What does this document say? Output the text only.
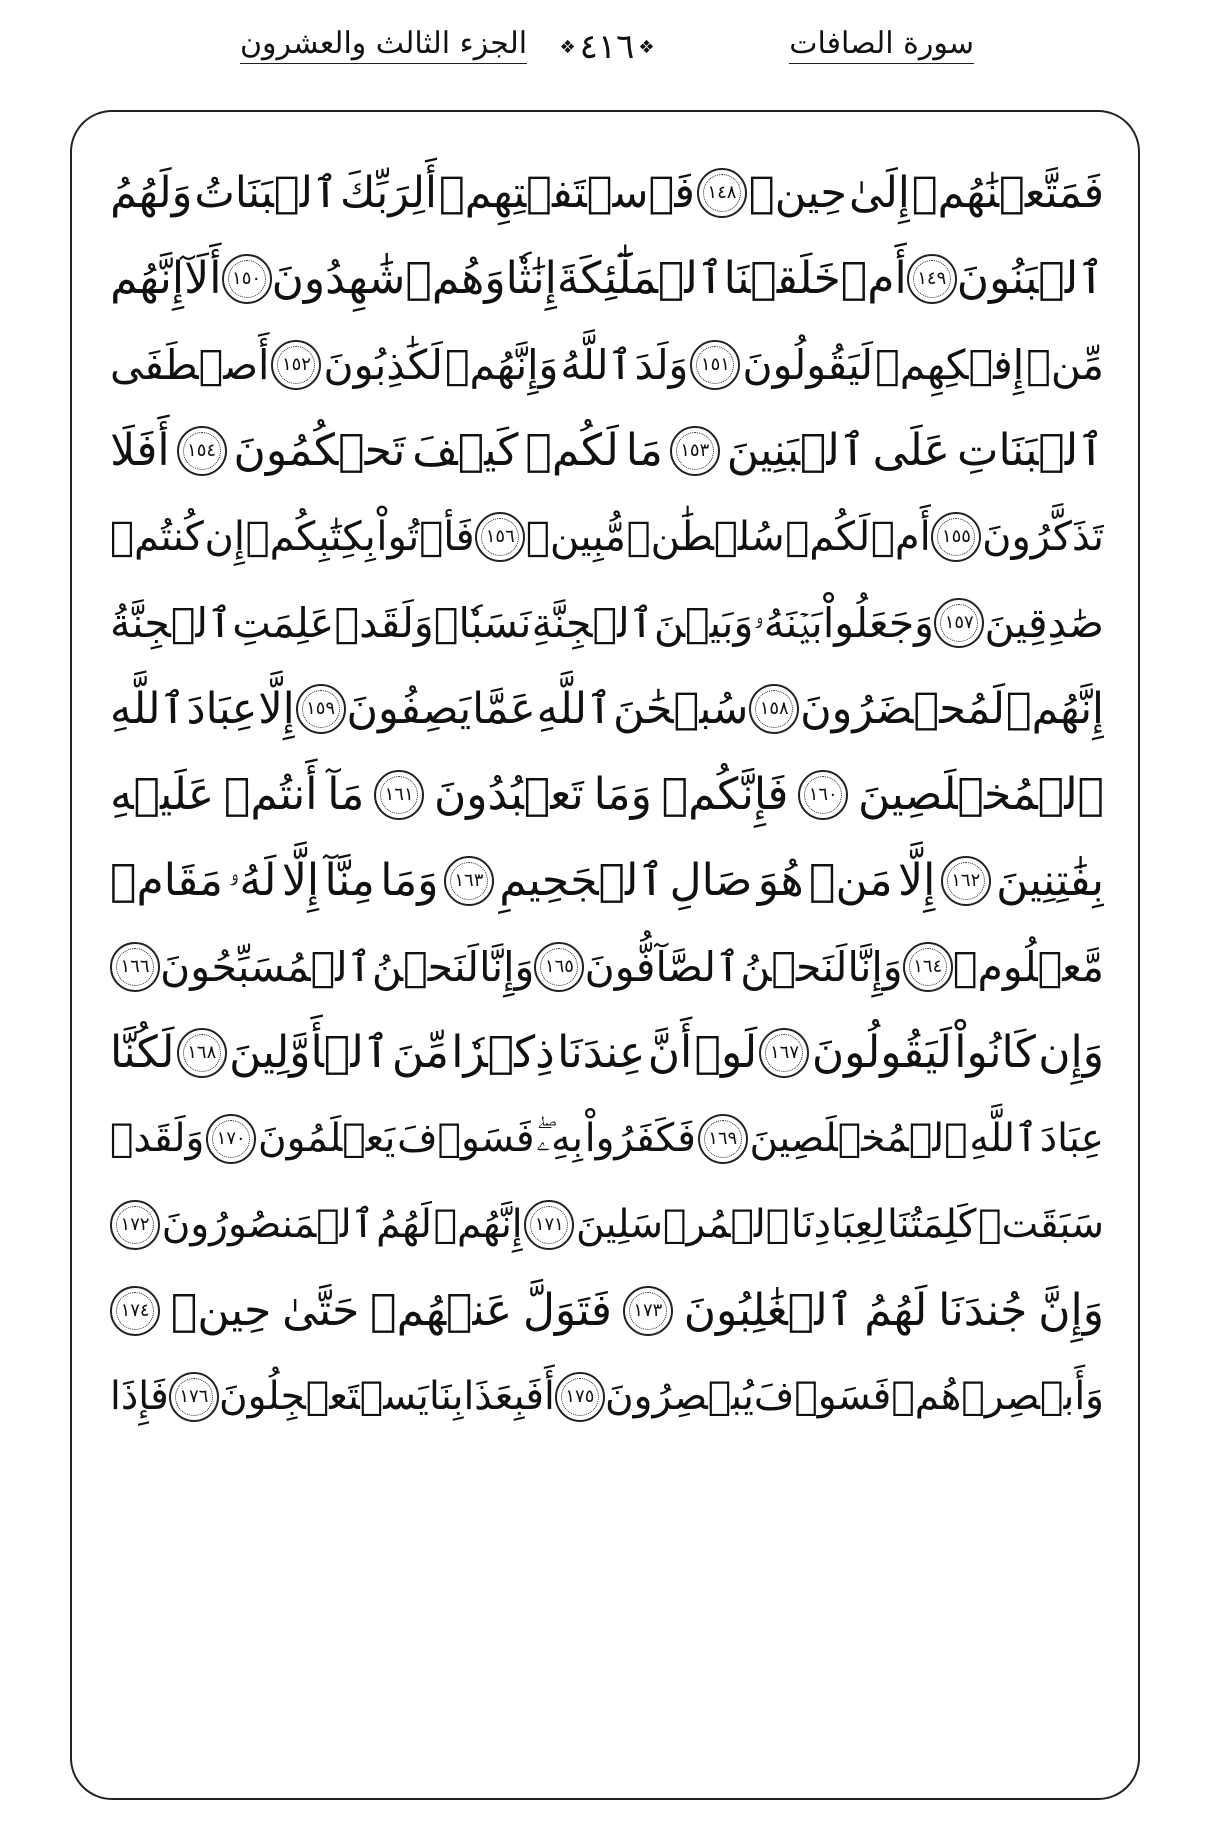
الجزء الثالث والعشرون	❖
٤١٦
❖	سورة الصافات
فَمَتَّعۡنَٰهُمۡ
إِلَىٰ
حِينٖ
١٤٨
فَٱسۡتَفۡتِهِمۡ
أَلِرَبِّكَ
ٱلۡبَنَاتُ
وَلَهُمُ
ٱلۡبَنُونَ
١٤٩
أَمۡ
خَلَقۡنَا
ٱلۡمَلَٰٓئِكَةَ
إِنَٰثٗا
وَهُمۡ
شَٰهِدُونَ
١٥٠
أَلَآ
إِنَّهُم
مِّنۡ
إِفۡكِهِمۡ
لَيَقُولُونَ
١٥١
وَلَدَ
ٱللَّهُ
وَإِنَّهُمۡ
لَكَٰذِبُونَ
١٥٢
أَصۡطَفَى
ٱلۡبَنَاتِ
عَلَى
ٱلۡبَنِينَ
١٥٣
مَا
لَكُمۡ
كَيۡفَ
تَحۡكُمُونَ
١٥٤
أَفَلَا
تَذَكَّرُونَ
١٥٥
أَمۡ
لَكُمۡ
سُلۡطَٰنٞ
مُّبِينٞ
١٥٦
فَأۡتُواْ
بِكِتَٰبِكُمۡ
إِن
كُنتُمۡ
صَٰدِقِينَ
١٥٧
وَجَعَلُواْ
بَيۡنَهُۥ
وَبَيۡنَ
ٱلۡجِنَّةِ
نَسَبٗاۚ
وَلَقَدۡ
عَلِمَتِ
ٱلۡجِنَّةُ
إِنَّهُمۡ
لَمُحۡضَرُونَ
١٥٨
سُبۡحَٰنَ
ٱللَّهِ
عَمَّا
يَصِفُونَ
١٥٩
إِلَّا
عِبَادَ
ٱللَّهِ
ٱلۡمُخۡلَصِينَ
١٦٠
فَإِنَّكُمۡ
وَمَا
تَعۡبُدُونَ
١٦١
مَآ
أَنتُمۡ
عَلَيۡهِ
بِفَٰتِنِينَ
١٦٢
إِلَّا
مَنۡ
هُوَ
صَالِ
ٱلۡجَحِيمِ
١٦٣
وَمَا
مِنَّآ
إِلَّا
لَهُۥ
مَقَامٞ
مَّعۡلُومٞ
١٦٤
وَإِنَّا
لَنَحۡنُ
ٱلصَّآفُّونَ
١٦٥
وَإِنَّا
لَنَحۡنُ
ٱلۡمُسَبِّحُونَ
١٦٦
وَإِن
كَانُواْ
لَيَقُولُونَ
١٦٧
لَوۡ
أَنَّ
عِندَنَا
ذِكۡرٗا
مِّنَ
ٱلۡأَوَّلِينَ
١٦٨
لَكُنَّا
عِبَادَ
ٱللَّهِ
ٱلۡمُخۡلَصِينَ
١٦٩
فَكَفَرُواْ
بِهِۦۖ
فَسَوۡفَ
يَعۡلَمُونَ
١٧٠
وَلَقَدۡ
سَبَقَتۡ
كَلِمَتُنَا
لِعِبَادِنَا
ٱلۡمُرۡسَلِينَ
١٧١
إِنَّهُمۡ
لَهُمُ
ٱلۡمَنصُورُونَ
١٧٢
وَإِنَّ
جُندَنَا
لَهُمُ
ٱلۡغَٰلِبُونَ
١٧٣
فَتَوَلَّ
عَنۡهُمۡ
حَتَّىٰ
حِينٖ
١٧٤
وَأَبۡصِرۡهُمۡ
فَسَوۡفَ
يُبۡصِرُونَ
١٧٥
أَفَبِعَذَابِنَا
يَسۡتَعۡجِلُونَ
١٧٦
فَإِذَا
